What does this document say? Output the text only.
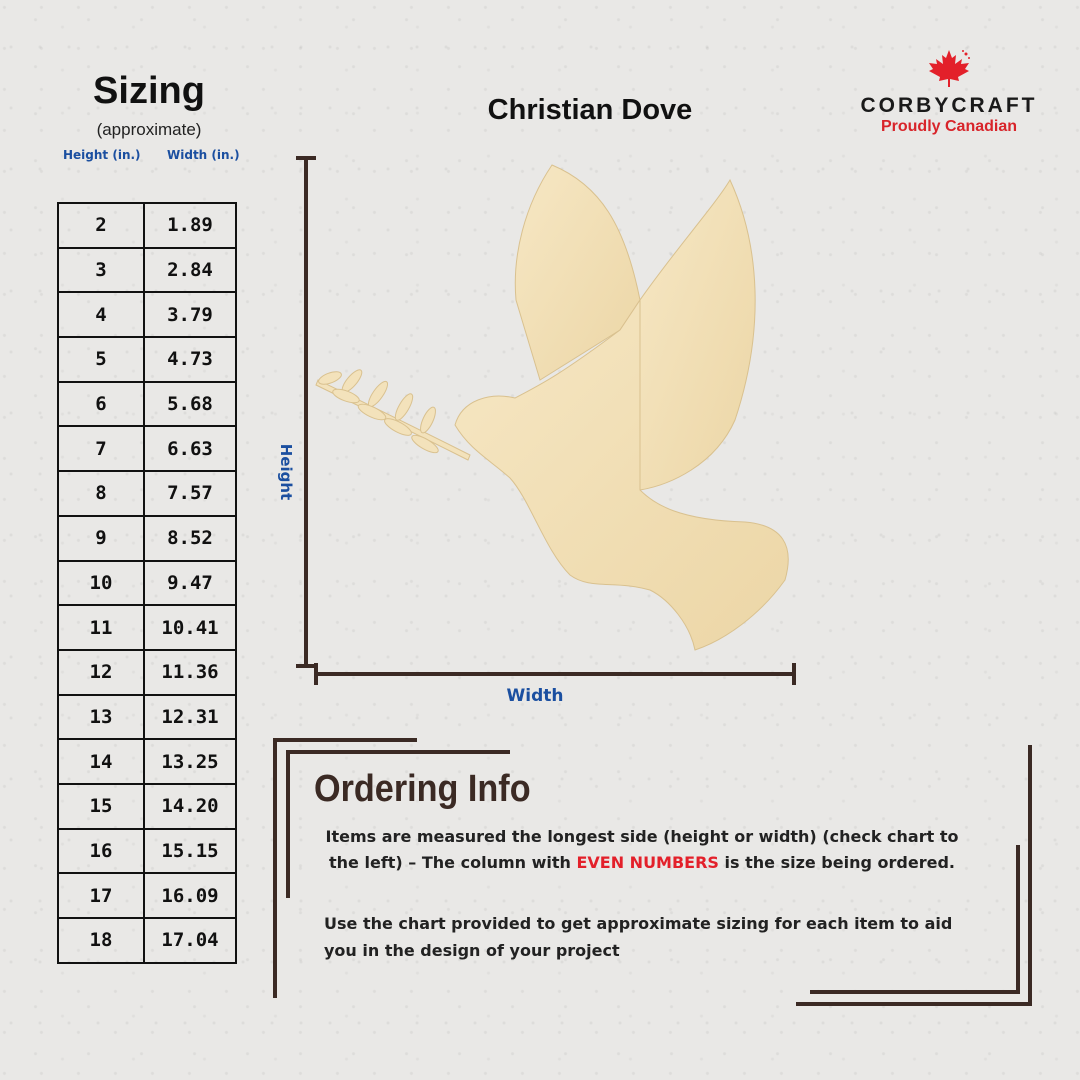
Sizing
(approximate)
Height (in.) Width (in.)
2	1.89
3	2.84
4	3.79
5	4.73
6	5.68
7	6.63
8	7.57
9	8.52
10	9.47
11	10.41
12	11.36
13	12.31
14	13.25
15	14.20
16	15.15
17	16.09
18	17.04
Christian Dove	CORBYCRAFT
Proudly Canadian
Height
Width
Ordering Info
Items are measured the longest side (height or width) (check chart to the left) – The column with EVEN NUMBERS is the size being ordered.
Use the chart provided to get approximate sizing for each item to aid you in the design of your project
